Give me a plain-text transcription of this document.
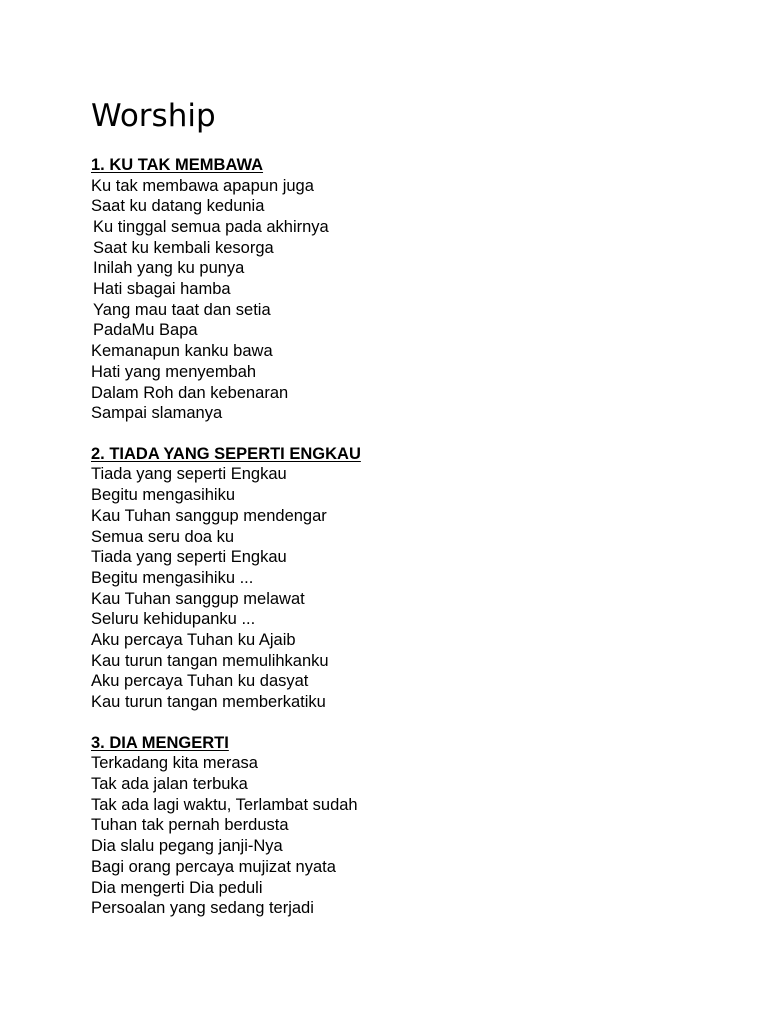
Worship
1. KU TAK MEMBAWA
Ku tak membawa apapun juga
Saat ku datang kedunia
Ku tinggal semua pada akhirnya
Saat ku kembali kesorga
Inilah yang ku punya
Hati sbagai hamba
Yang mau taat dan setia
PadaMu Bapa
Kemanapun kanku bawa
Hati yang menyembah
Dalam Roh dan kebenaran
Sampai slamanya
2. TIADA YANG SEPERTI ENGKAU
Tiada yang seperti Engkau
Begitu mengasihiku
Kau Tuhan sanggup mendengar
Semua seru doa ku
Tiada yang seperti Engkau
Begitu mengasihiku ...
Kau Tuhan sanggup melawat
Seluru kehidupanku ...
Aku percaya Tuhan ku Ajaib
Kau turun tangan memulihkanku
Aku percaya Tuhan ku dasyat
Kau turun tangan memberkatiku
3. DIA MENGERTI
Terkadang kita merasa
Tak ada jalan terbuka
Tak ada lagi waktu, Terlambat sudah
Tuhan tak pernah berdusta
Dia slalu pegang janji-Nya
Bagi orang percaya mujizat nyata
Dia mengerti Dia peduli
Persoalan yang sedang terjadi
